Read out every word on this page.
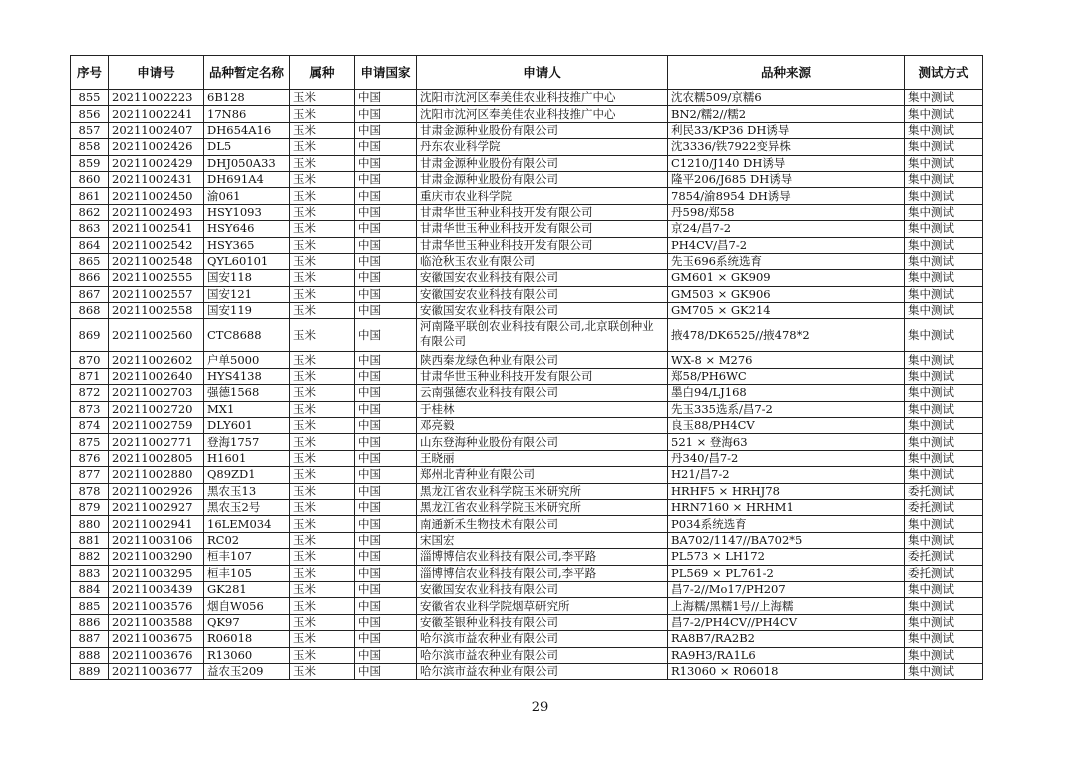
序号	申请号	品种暂定名称	属种	申请国家	申请人	品种来源	测试方式
855	20211002223	6B128	玉米	中国	沈阳市沈河区奉美佳农业科技推广中心	沈农糯509/京糯6	集中测试
856	20211002241	17N86	玉米	中国	沈阳市沈河区奉美佳农业科技推广中心	BN2/糯2//糯2	集中测试
857	20211002407	DH654A16	玉米	中国	甘肃金源种业股份有限公司	利民33/KP36 DH诱导	集中测试
858	20211002426	DL5	玉米	中国	丹东农业科学院	沈3336/铁7922变异株	集中测试
859	20211002429	DHJ050A33	玉米	中国	甘肃金源种业股份有限公司	C1210/J140 DH诱导	集中测试
860	20211002431	DH691A4	玉米	中国	甘肃金源种业股份有限公司	隆平206/J685 DH诱导	集中测试
861	20211002450	渝061	玉米	中国	重庆市农业科学院	7854/渝8954 DH诱导	集中测试
862	20211002493	HSY1093	玉米	中国	甘肃华世玉种业科技开发有限公司	丹598/郑58	集中测试
863	20211002541	HSY646	玉米	中国	甘肃华世玉种业科技开发有限公司	京24/昌7-2	集中测试
864	20211002542	HSY365	玉米	中国	甘肃华世玉种业科技开发有限公司	PH4CV/昌7-2	集中测试
865	20211002548	QYL60101	玉米	中国	临沧秋玉农业有限公司	先玉696系统选育	集中测试
866	20211002555	国安118	玉米	中国	安徽国安农业科技有限公司	GM601 × GK909	集中测试
867	20211002557	国安121	玉米	中国	安徽国安农业科技有限公司	GM503 × GK906	集中测试
868	20211002558	国安119	玉米	中国	安徽国安农业科技有限公司	GM705 × GK214	集中测试
869	20211002560	CTC8688	玉米	中国	河南隆平联创农业科技有限公司,北京联创种业有限公司	掖478/DK6525//掖478*2	集中测试
870	20211002602	户单5000	玉米	中国	陕西秦龙绿色种业有限公司	WX-8 × M276	集中测试
871	20211002640	HYS4138	玉米	中国	甘肃华世玉种业科技开发有限公司	郑58/PH6WC	集中测试
872	20211002703	强德1568	玉米	中国	云南强德农业科技有限公司	墨白94/LJ168	集中测试
873	20211002720	MX1	玉米	中国	于桂林	先玉335选系/昌7-2	集中测试
874	20211002759	DLY601	玉米	中国	邓亮毅	良玉88/PH4CV	集中测试
875	20211002771	登海1757	玉米	中国	山东登海种业股份有限公司	521 × 登海63	集中测试
876	20211002805	H1601	玉米	中国	王晓丽	丹340/昌7-2	集中测试
877	20211002880	Q89ZD1	玉米	中国	郑州北青种业有限公司	H21/昌7-2	集中测试
878	20211002926	黑农玉13	玉米	中国	黑龙江省农业科学院玉米研究所	HRHF5 × HRHJ78	委托测试
879	20211002927	黑农玉2号	玉米	中国	黑龙江省农业科学院玉米研究所	HRN7160 × HRHM1	委托测试
880	20211002941	16LEM034	玉米	中国	南通新禾生物技术有限公司	P034系统选育	集中测试
881	20211003106	RC02	玉米	中国	宋国宏	BA702/1147//BA702*5	集中测试
882	20211003290	桓丰107	玉米	中国	淄博博信农业科技有限公司,李平路	PL573 × LH172	委托测试
883	20211003295	桓丰105	玉米	中国	淄博博信农业科技有限公司,李平路	PL569 × PL761-2	委托测试
884	20211003439	GK281	玉米	中国	安徽国安农业科技有限公司	昌7-2//Mo17/PH207	集中测试
885	20211003576	烟自W056	玉米	中国	安徽省农业科学院烟草研究所	上海糯/黑糯1号//上海糯	集中测试
886	20211003588	QK97	玉米	中国	安徽荃银种业科技有限公司	昌7-2/PH4CV//PH4CV	集中测试
887	20211003675	R06018	玉米	中国	哈尔滨市益农种业有限公司	RA8B7/RA2B2	集中测试
888	20211003676	R13060	玉米	中国	哈尔滨市益农种业有限公司	RA9H3/RA1L6	集中测试
889	20211003677	益农玉209	玉米	中国	哈尔滨市益农种业有限公司	R13060 × R06018	集中测试
29
